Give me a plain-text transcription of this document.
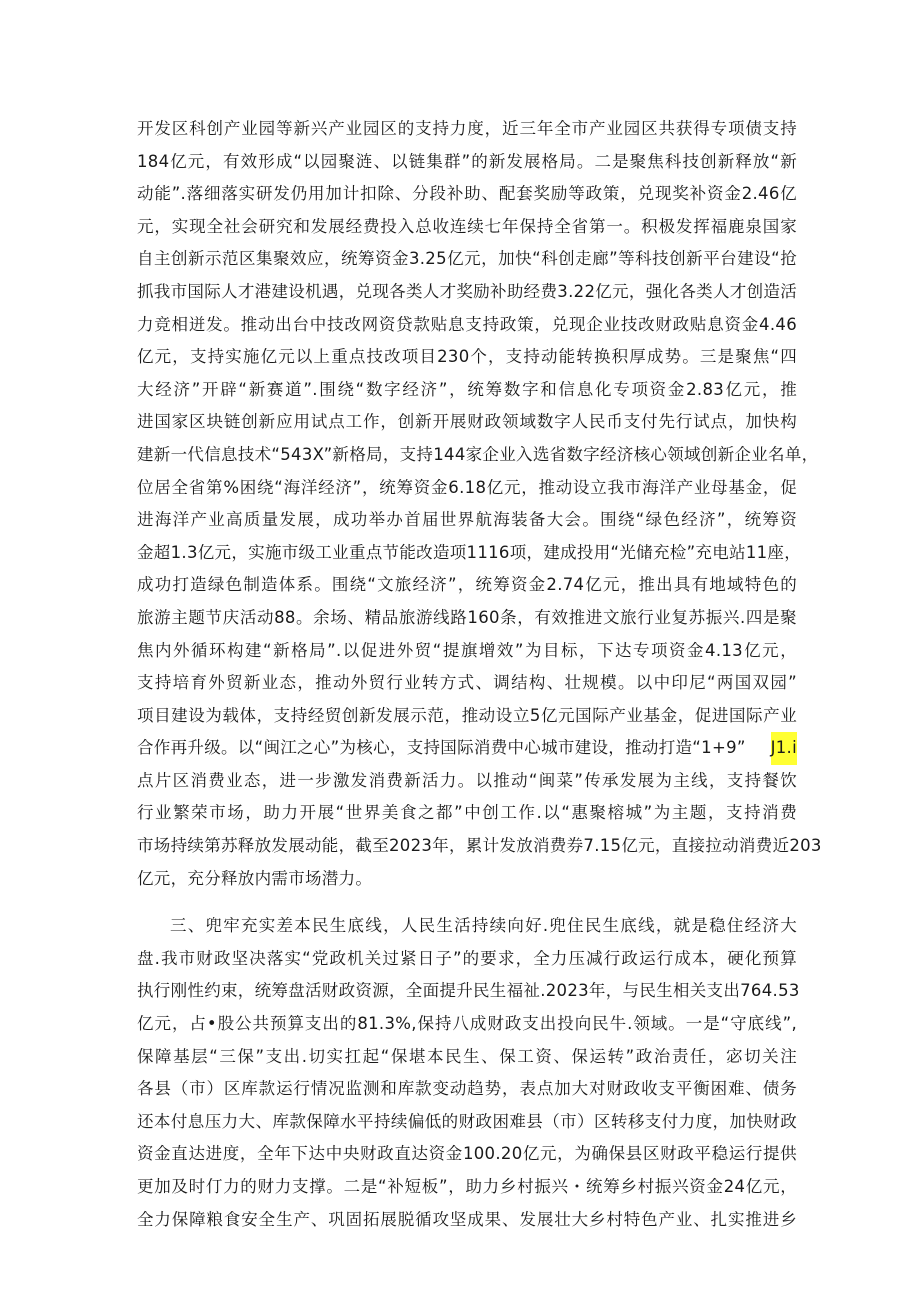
开发区科创产业园等新兴产业园区的支持力度，近三年全市产业园区共获得专项债支持
184亿元，有效形成“以园聚涟、以链集群”的新发展格局。二是聚焦科技创新释放“新
动能”.落细落实研发仍用加计扣除、分段补助、配套奖励等政策，兑现奖补资金2.46亿
元，实现全社会研究和发展经费投入总收连续七年保持全省第一。积极发挥福鹿泉国家
自主创新示范区集聚效应，统筹资金3.25亿元，加快“科创走廊”等科技创新平台建设“抢
抓我市国际人才港建设机遇，兑现各类人才奖励补助经费3.22亿元，强化各类人才创造活
力竞相迸发。推动出台中技改网资贷款贴息支持政策，兑现企业技改财政贴息资金4.46
亿元，支持实施亿元以上重点技改项目230个，支持动能转换积厚成势。三是聚焦“四
大经济”开辟“新赛道”.围绕“数字经济”，统筹数字和信息化专项资金2.83亿元，推
进国家区块链创新应用试点工作，创新开展财政领域数字人民币支付先行试点，加快构
建新一代信息技术“543X”新格局，支持144家企业入选省数字经济核心领域创新企业名单，
位居全省第%困绕“海洋经济”，统筹资金6.18亿元，推动设立我市海洋产业母基金，促
进海洋产业高质量发展，成功举办首届世界航海装备大会。围绕“绿色经济”，统筹资
金超1.3亿元，实施市级工业重点节能改造项1116项，建成投用“光储充检”充电站11座，
成功打造绿色制造体系。围绕“文旅经济”，统筹资金2.74亿元，推出具有地域特色的
旅游主题节庆活动88。余场、精品旅游线路160条，有效推进文旅行业复苏振兴.四是聚
焦内外循环构建“新格局”.以促进外贸“提旗增效”为目标，下达专项资金4.13亿元，
支持培育外贸新业态，推动外贸行业转方式、调结构、壮规模。以中印尼“两国双园”
项目建设为载体，支持经贸创新发展示范，推动设立5亿元国际产业基金，促进国际产业
合作再升级。以“闽江之心”为核心，支持国际消费中心城市建设，推动打造“1+9” J1.i
点片区消费业态，进一步激发消费新活力。以推动“闽菜”传承发展为主线，支持餐饮
行业繁荣市场，助力开展“世界美食之都”中创工作.以“惠聚榕城”为主题，支持消费
市场持续第苏释放发展动能，截至2023年，累计发放消费券7.15亿元，直接拉动消费近203
亿元，充分释放内需市场潜力。
三、兜牢充实差本民生底线，人民生活持续向好.兜住民生底线，就是稳住经济大
盘.我市财政坚决落实“党政机关过紧日子”的要求，全力压减行政运行成本，硬化预算
执行刚性约束，统筹盘活财政资源，全面提升民生福祉.2023年，与民生相关支出764.53
亿元，占•股公共预算支出的81.3%,保持八成财政支出投向民牛.领域。一是“守底线”,
保障基层“三保”支出.切实扛起“保堪本民生、保工资、保运转”政治责任，宓切关注
各县（市）区库款运行情况监测和库款变动趋势，表点加大对财政收支平衡困难、债务
还本付息压力大、库款保障水平持续偏低的财政困难县（市）区转移支付力度，加快财政
资金直达进度，全年下达中央财政直达资金100.20亿元，为确保县区财政平稳运行提供
更加及时仃力的财力支撑。二是“补短板”，助力乡村振兴・统筹乡村振兴资金24亿元，
全力保障粮食安全生产、巩固拓展脱循攻坚成果、发展壮大乡村特色产业、扎实推进乡
